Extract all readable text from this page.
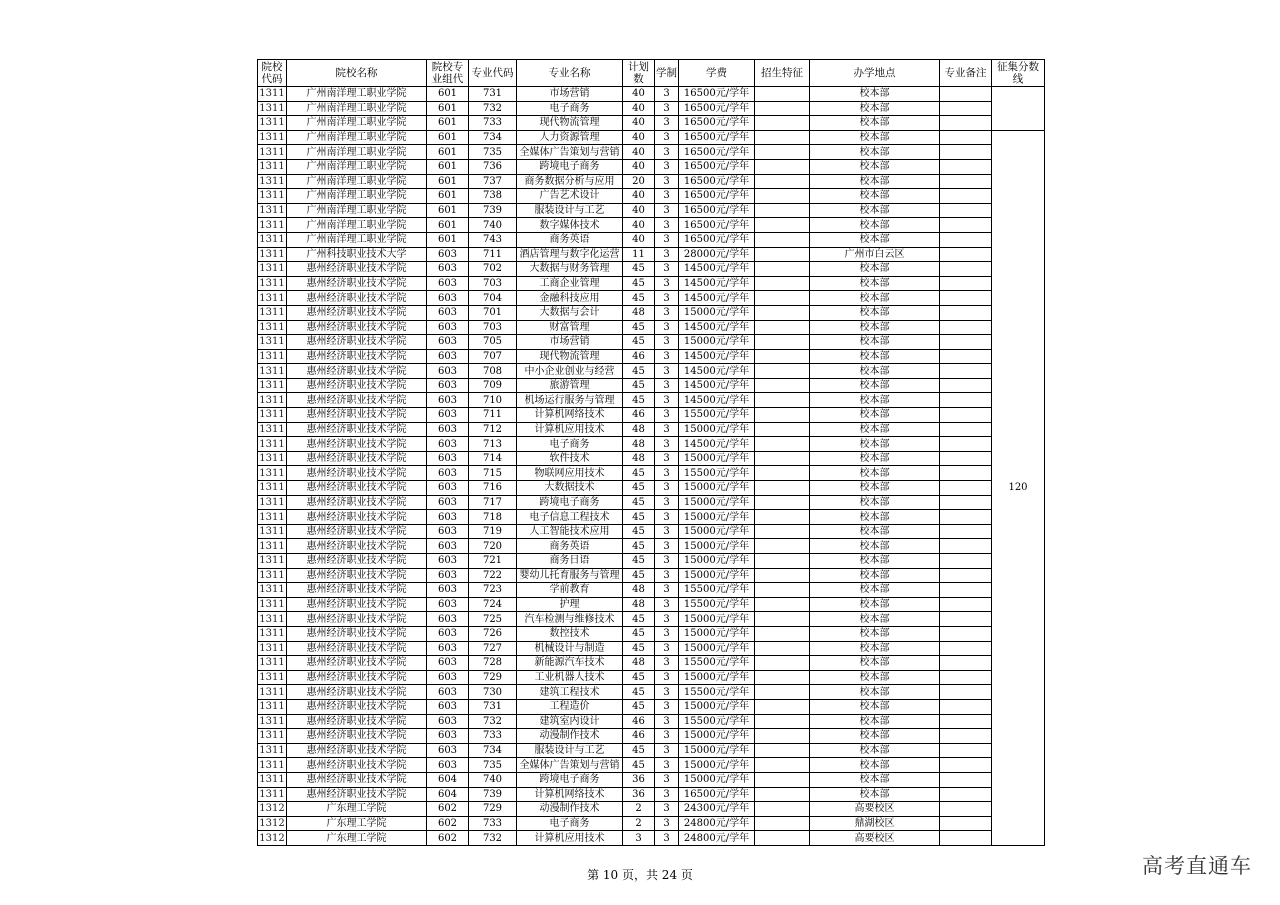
院校代码	院校名称	院校专业组代	专业代码	专业名称	计划数	学制	学费	招生特征	办学地点	专业备注	征集分数线
1311	广州南洋理工职业学院	601	731	市场营销	40	3	16500元/学年		校本部		
1311	广州南洋理工职业学院	601	732	电子商务	40	3	16500元/学年		校本部		
1311	广州南洋理工职业学院	601	733	现代物流管理	40	3	16500元/学年		校本部		
1311	广州南洋理工职业学院	601	734	人力资源管理	40	3	16500元/学年		校本部		120
1311	广州南洋理工职业学院	601	735	全媒体广告策划与营销	40	3	16500元/学年		校本部		
1311	广州南洋理工职业学院	601	736	跨境电子商务	40	3	16500元/学年		校本部		
1311	广州南洋理工职业学院	601	737	商务数据分析与应用	20	3	16500元/学年		校本部		
1311	广州南洋理工职业学院	601	738	广告艺术设计	40	3	16500元/学年		校本部		
1311	广州南洋理工职业学院	601	739	服装设计与工艺	40	3	16500元/学年		校本部		
1311	广州南洋理工职业学院	601	740	数字媒体技术	40	3	16500元/学年		校本部		
1311	广州南洋理工职业学院	601	743	商务英语	40	3	16500元/学年		校本部		
1311	广州科技职业技术大学	603	711	酒店管理与数字化运营	11	3	28000元/学年		广州市白云区		
1311	惠州经济职业技术学院	603	702	大数据与财务管理	45	3	14500元/学年		校本部		
1311	惠州经济职业技术学院	603	703	工商企业管理	45	3	14500元/学年		校本部		
1311	惠州经济职业技术学院	603	704	金融科技应用	45	3	14500元/学年		校本部		
1311	惠州经济职业技术学院	603	701	大数据与会计	48	3	15000元/学年		校本部		
1311	惠州经济职业技术学院	603	703	财富管理	45	3	14500元/学年		校本部		
1311	惠州经济职业技术学院	603	705	市场营销	45	3	15000元/学年		校本部		
1311	惠州经济职业技术学院	603	707	现代物流管理	46	3	14500元/学年		校本部		
1311	惠州经济职业技术学院	603	708	中小企业创业与经营	45	3	14500元/学年		校本部		
1311	惠州经济职业技术学院	603	709	旅游管理	45	3	14500元/学年		校本部		
1311	惠州经济职业技术学院	603	710	机场运行服务与管理	45	3	14500元/学年		校本部		
1311	惠州经济职业技术学院	603	711	计算机网络技术	46	3	15500元/学年		校本部		
1311	惠州经济职业技术学院	603	712	计算机应用技术	48	3	15000元/学年		校本部		
1311	惠州经济职业技术学院	603	713	电子商务	48	3	14500元/学年		校本部		
1311	惠州经济职业技术学院	603	714	软件技术	48	3	15000元/学年		校本部		
1311	惠州经济职业技术学院	603	715	物联网应用技术	45	3	15500元/学年		校本部		
1311	惠州经济职业技术学院	603	716	大数据技术	45	3	15000元/学年		校本部		
1311	惠州经济职业技术学院	603	717	跨境电子商务	45	3	15000元/学年		校本部		
1311	惠州经济职业技术学院	603	718	电子信息工程技术	45	3	15000元/学年		校本部		
1311	惠州经济职业技术学院	603	719	人工智能技术应用	45	3	15000元/学年		校本部		
1311	惠州经济职业技术学院	603	720	商务英语	45	3	15000元/学年		校本部		
1311	惠州经济职业技术学院	603	721	商务日语	45	3	15000元/学年		校本部		
1311	惠州经济职业技术学院	603	722	婴幼儿托育服务与管理	45	3	15000元/学年		校本部		
1311	惠州经济职业技术学院	603	723	学前教育	48	3	15500元/学年		校本部		
1311	惠州经济职业技术学院	603	724	护理	48	3	15500元/学年		校本部		
1311	惠州经济职业技术学院	603	725	汽车检测与维修技术	45	3	15000元/学年		校本部		
1311	惠州经济职业技术学院	603	726	数控技术	45	3	15000元/学年		校本部		
1311	惠州经济职业技术学院	603	727	机械设计与制造	45	3	15000元/学年		校本部		
1311	惠州经济职业技术学院	603	728	新能源汽车技术	48	3	15500元/学年		校本部		
1311	惠州经济职业技术学院	603	729	工业机器人技术	45	3	15000元/学年		校本部		
1311	惠州经济职业技术学院	603	730	建筑工程技术	45	3	15500元/学年		校本部		
1311	惠州经济职业技术学院	603	731	工程造价	45	3	15000元/学年		校本部		
1311	惠州经济职业技术学院	603	732	建筑室内设计	46	3	15500元/学年		校本部		
1311	惠州经济职业技术学院	603	733	动漫制作技术	46	3	15000元/学年		校本部		
1311	惠州经济职业技术学院	603	734	服装设计与工艺	45	3	15000元/学年		校本部		
1311	惠州经济职业技术学院	603	735	全媒体广告策划与营销	45	3	15000元/学年		校本部		
1311	惠州经济职业技术学院	604	740	跨境电子商务	36	3	15000元/学年		校本部		
1311	惠州经济职业技术学院	604	739	计算机网络技术	36	3	16500元/学年		校本部		
1312	广东理工学院	602	729	动漫制作技术	2	3	24300元/学年		高要校区		
1312	广东理工学院	602	733	电子商务	2	3	24800元/学年		鼎湖校区		
1312	广东理工学院	602	732	计算机应用技术	3	3	24800元/学年		高要校区		
第 10 页，共 24 页	高考直通车
